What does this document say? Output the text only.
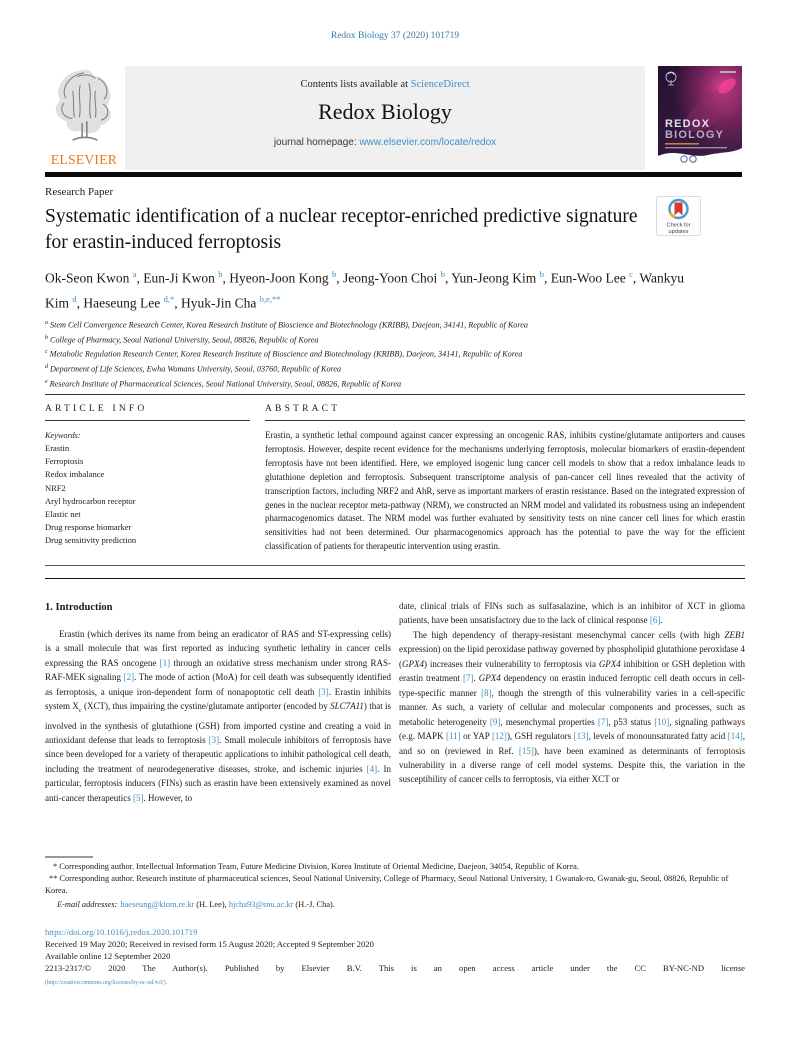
Redox Biology 37 (2020) 101719
ELSEVIER
Contents lists available at ScienceDirect
Redox Biology
journal homepage: www.elsevier.com/locate/redox
REDOX
BIOLOGY
Research Paper
Systematic identification of a nuclear receptor-enriched predictive signature for erastin-induced ferroptosis
Check for
updates
Ok-Seon Kwon $^a$, Eun-Ji Kwon $^b$, Hyeon-Joon Kong $^b$, Jeong-Yoon Choi $^b$, Yun-Jeong Kim $^b$, Eun-Woo Lee $^c$, Wankyu Kim $^d$, Haeseung Lee $^{d,*}$, Hyuk-Jin Cha $^{b,e,**}$
$^a$ Stem Cell Convergence Research Center, Korea Research Institute of Bioscience and Biotechnology (KRIBB), Daejeon, 34141, Republic of Korea
$^b$ College of Pharmacy, Seoul National University, Seoul, 08826, Republic of Korea
$^c$ Metabolic Regulation Research Center, Korea Research Institute of Bioscience and Biotechnology (KRIBB), Daejeon, 34141, Republic of Korea
$^d$ Department of Life Sciences, Ewha Womans University, Seoul, 03760, Republic of Korea
$^e$ Research Institute of Pharmaceutical Sciences, Seoul National University, Seoul, 08826, Republic of Korea
ARTICLE INFO
Keywords:
Erastin
Ferroptosis
Redox imbalance
NRF2
Aryl hydrocarbon receptor
Elastic net
Drug response biomarker
Drug sensitivity prediction
ABSTRACT

Erastin, a synthetic lethal compound against cancer expressing an oncogenic RAS, inhibits cystine/glutamate antiporters and causes ferroptosis. However, despite recent evidence for the mechanisms underlying ferroptosis, molecular biomarkers of erastin-dependent ferroptosis have not been identified. Here, we employed isogenic lung cancer cell models to show that a redox imbalance leads to glutathione depletion and ferroptosis. Subsequent transcriptome analysis of pan-cancer cell lines revealed that the activity of transcription factors, including NRF2 and AhR, serve as important markers of erastin resistance. Based on the integrated expression of genes in the nuclear receptor meta-pathway (NRM), we constructed an NRM model and validated its robustness using an independent pharmacogenomics dataset. The NRM model was further evaluated by sensitivity tests on nine cancer cell lines for which erastin sensitivities had not been determined. Our pharmacogenomics approach has the potential to pave the way for the efficient classification of patients for therapeutic intervention using erastin.

1. Introduction

Erastin (which derives its name from being an eradicator of RAS and ST-expressing cells) is a small molecule that was first reported as inducing synthetic lethality in cancer cells expressing the RAS oncogene [1] through an oxidative stress mechanism under strong RAS-RAF-MEK signaling [2]. The mode of action (MoA) for cell death was subsequently identified as ferroptosis, a unique iron-dependent form of nonapoptotic cell death [3]. Erastin inhibits system $X_c$ (XCT), thus impairing the cystine/glutamate antiporter (encoded by SLC7A11) that is involved in the synthesis of glutathione (GSH) from imported cystine and creating a void in antioxidant defense that leads to ferroptosis [3]. Small molecule inhibitors of ferroptosis have since been developed for a variety of therapeutic applications to inhibit pathological cell death, including the treatment of neurodegenerative diseases, stroke, and ischemic injuries [4]. In particular, ferroptosis inducers (FINs) such as erastin have been extensively examined as novel anti-cancer therapeutics [5]. However, to

date, clinical trials of FINs such as sulfasalazine, which is an inhibitor of XCT in glioma patients, have been unsatisfactory due to the lack of clinical response [6].

The high dependency of therapy-resistant mesenchymal cancer cells (with high ZEB1 expression) on the lipid peroxidase pathway governed by phospholipid glutathione peroxidase 4 (GPX4) increases their vulnerability to ferroptosis via GPX4 inhibition or GSH depletion with erastin treatment [7]. GPX4 dependency on erastin induced ferroptic cell death occurs in cell-type-specific manner [8], though the strength of this vulnerability varies in a cell-specific manner. As such, a variety of cellular and molecular components and processes, such as metabolic heterogeneity [9], mesenchymal properties [7], p53 status [10], signaling pathways (e.g. MAPK [11] or YAP [12]), GSH regulators [13], levels of monounsaturated fatty acid [14], and so on (reviewed in Ref. [15]), have been examined as determinants of ferroptosis vulnerability in a diverse range of cell model systems. Despite this, the variation in the susceptibility of cancer cells to ferroptosis, via either XCT or

* Corresponding author. Intellectual Information Team, Future Medicine Division, Korea Institute of Oriental Medicine, Daejeon, 34054, Republic of Korea.

** Corresponding author. Research institute of pharmaceutical sciences, Seoul National University, College of Pharmacy, Seoul National University, 1 Gwanak-ro, Gwanak-gu, Seoul, 08826, Republic of Korea.

E-mail addresses: haeseung@kiom.re.kr (H. Lee), hjcha93@snu.ac.kr (H.-J. Cha).

https://doi.org/10.1016/j.redox.2020.101719
Received 19 May 2020; Received in revised form 15 August 2020; Accepted 9 September 2020
Available online 12 September 2020
2213-2317/© 2020 The Author(s). Published by Elsevier B.V. This is an open access article under the CC BY-NC-ND license
(http://creativecommons.org/licenses/by-nc-nd/4.0/).
